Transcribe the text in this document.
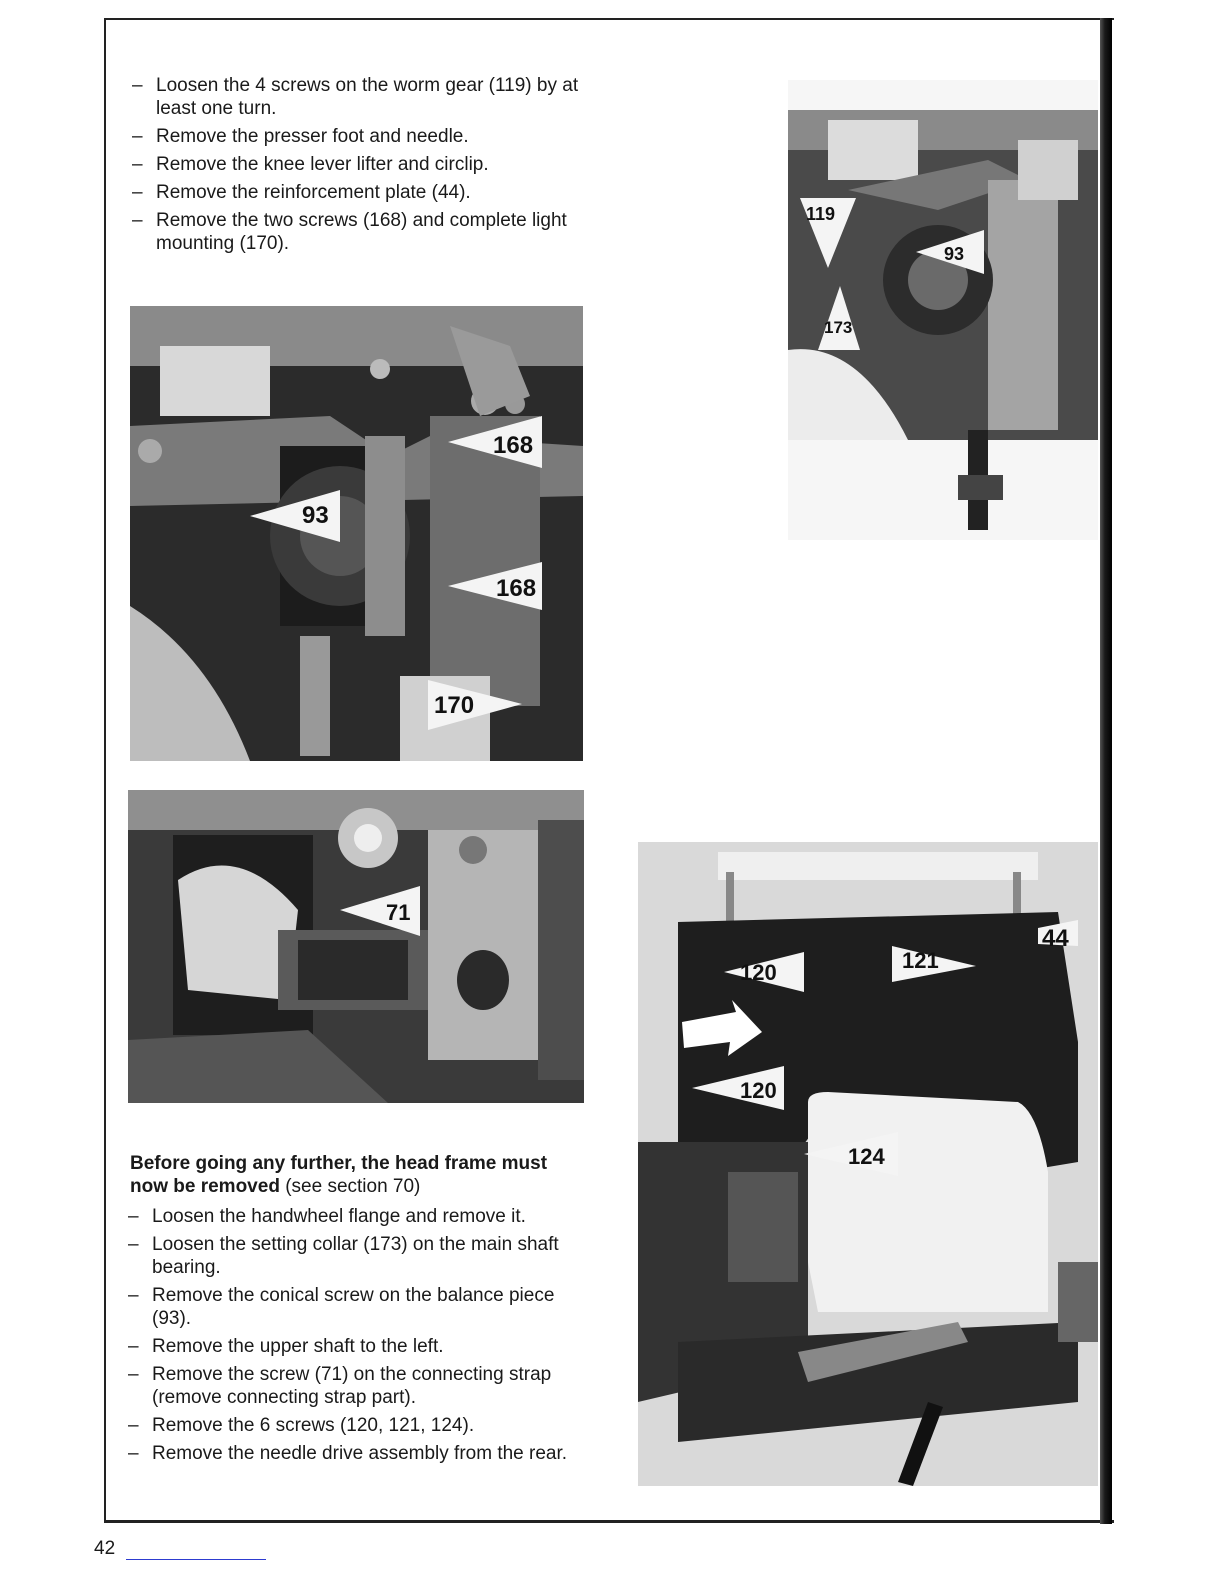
– Loosen the 4 screws on the worm gear (119) by at least one turn.
– Remove the presser foot and needle.
– Remove the knee lever lifter and circlip.
– Remove the reinforcement plate (44).
– Remove the two screws (168) and complete light mounting (170).
168
93
168
170
71
119
93
173
120	121
44
120
124
Before going any further, the head frame must now be removed (see section 70)
– Loosen the handwheel flange and remove it.
– Loosen the setting collar (173) on the main shaft bearing.
– Remove the conical screw on the balance piece (93).
– Remove the upper shaft to the left.
– Remove the screw (71) on the connecting strap (remove connecting strap part).
– Remove the 6 screws (120, 121, 124).
– Remove the needle drive assembly from the rear.
42
